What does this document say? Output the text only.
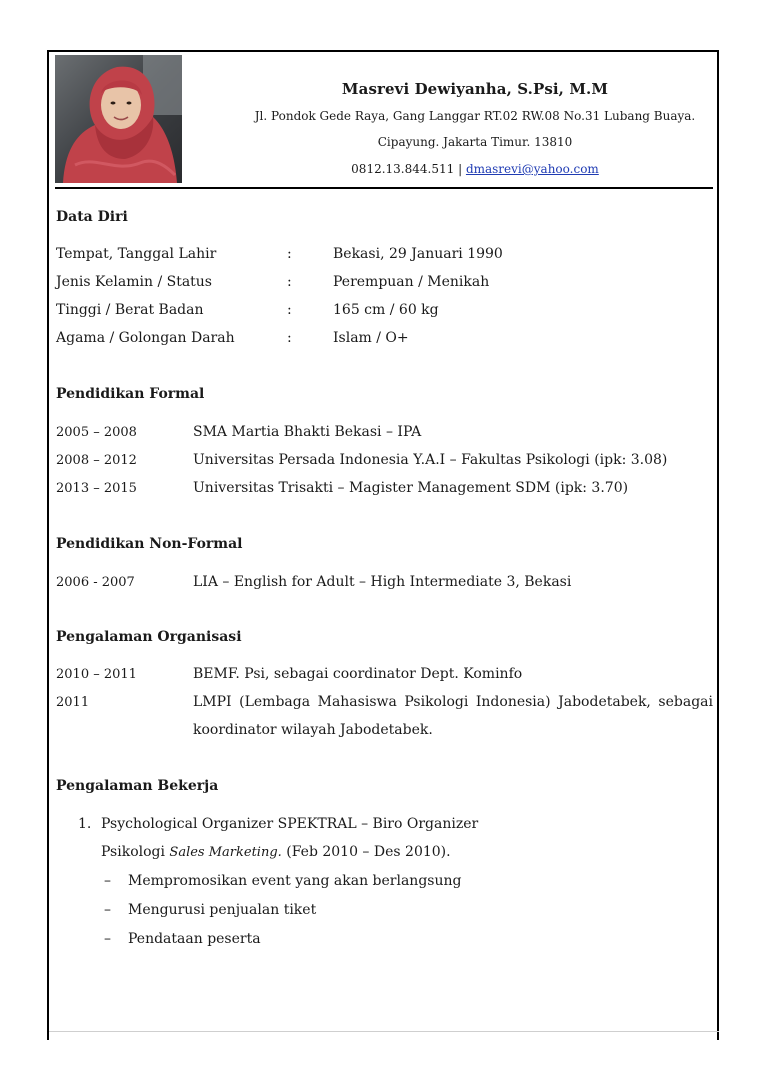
Masrevi Dewiyanha, S.Psi, M.M
Jl. Pondok Gede Raya, Gang Langgar RT.02 RW.08 No.31 Lubang Buaya.
Cipayung. Jakarta Timur. 13810
0812.13.844.511 | dmasrevi@yahoo.com
Data Diri
Tempat, Tanggal Lahir	:	Bekasi, 29 Januari 1990
Jenis Kelamin / Status	:	Perempuan / Menikah
Tinggi / Berat Badan	:	165 cm / 60 kg
Agama / Golongan Darah	:	Islam / O+
Pendidikan Formal
2005 – 2008	SMA Martia Bhakti Bekasi – IPA
2008 – 2012	Universitas Persada Indonesia Y.A.I – Fakultas Psikologi (ipk: 3.08)
2013 – 2015	Universitas Trisakti – Magister Management SDM (ipk: 3.70)
Pendidikan Non-Formal
2006 - 2007	LIA – English for Adult – High Intermediate 3, Bekasi
Pengalaman Organisasi
2010 – 2011	BEMF. Psi, sebagai coordinator Dept. Kominfo
2011	LMPI (Lembaga Mahasiswa Psikologi Indonesia) Jabodetabek, sebagai
koordinator wilayah Jabodetabek.
Pengalaman Bekerja
1. Psychological Organizer SPEKTRAL – Biro Organizer
Psikologi Sales Marketing. (Feb 2010 – Des 2010).
– Mempromosikan event yang akan berlangsung
– Mengurusi penjualan tiket
– Pendataan peserta
